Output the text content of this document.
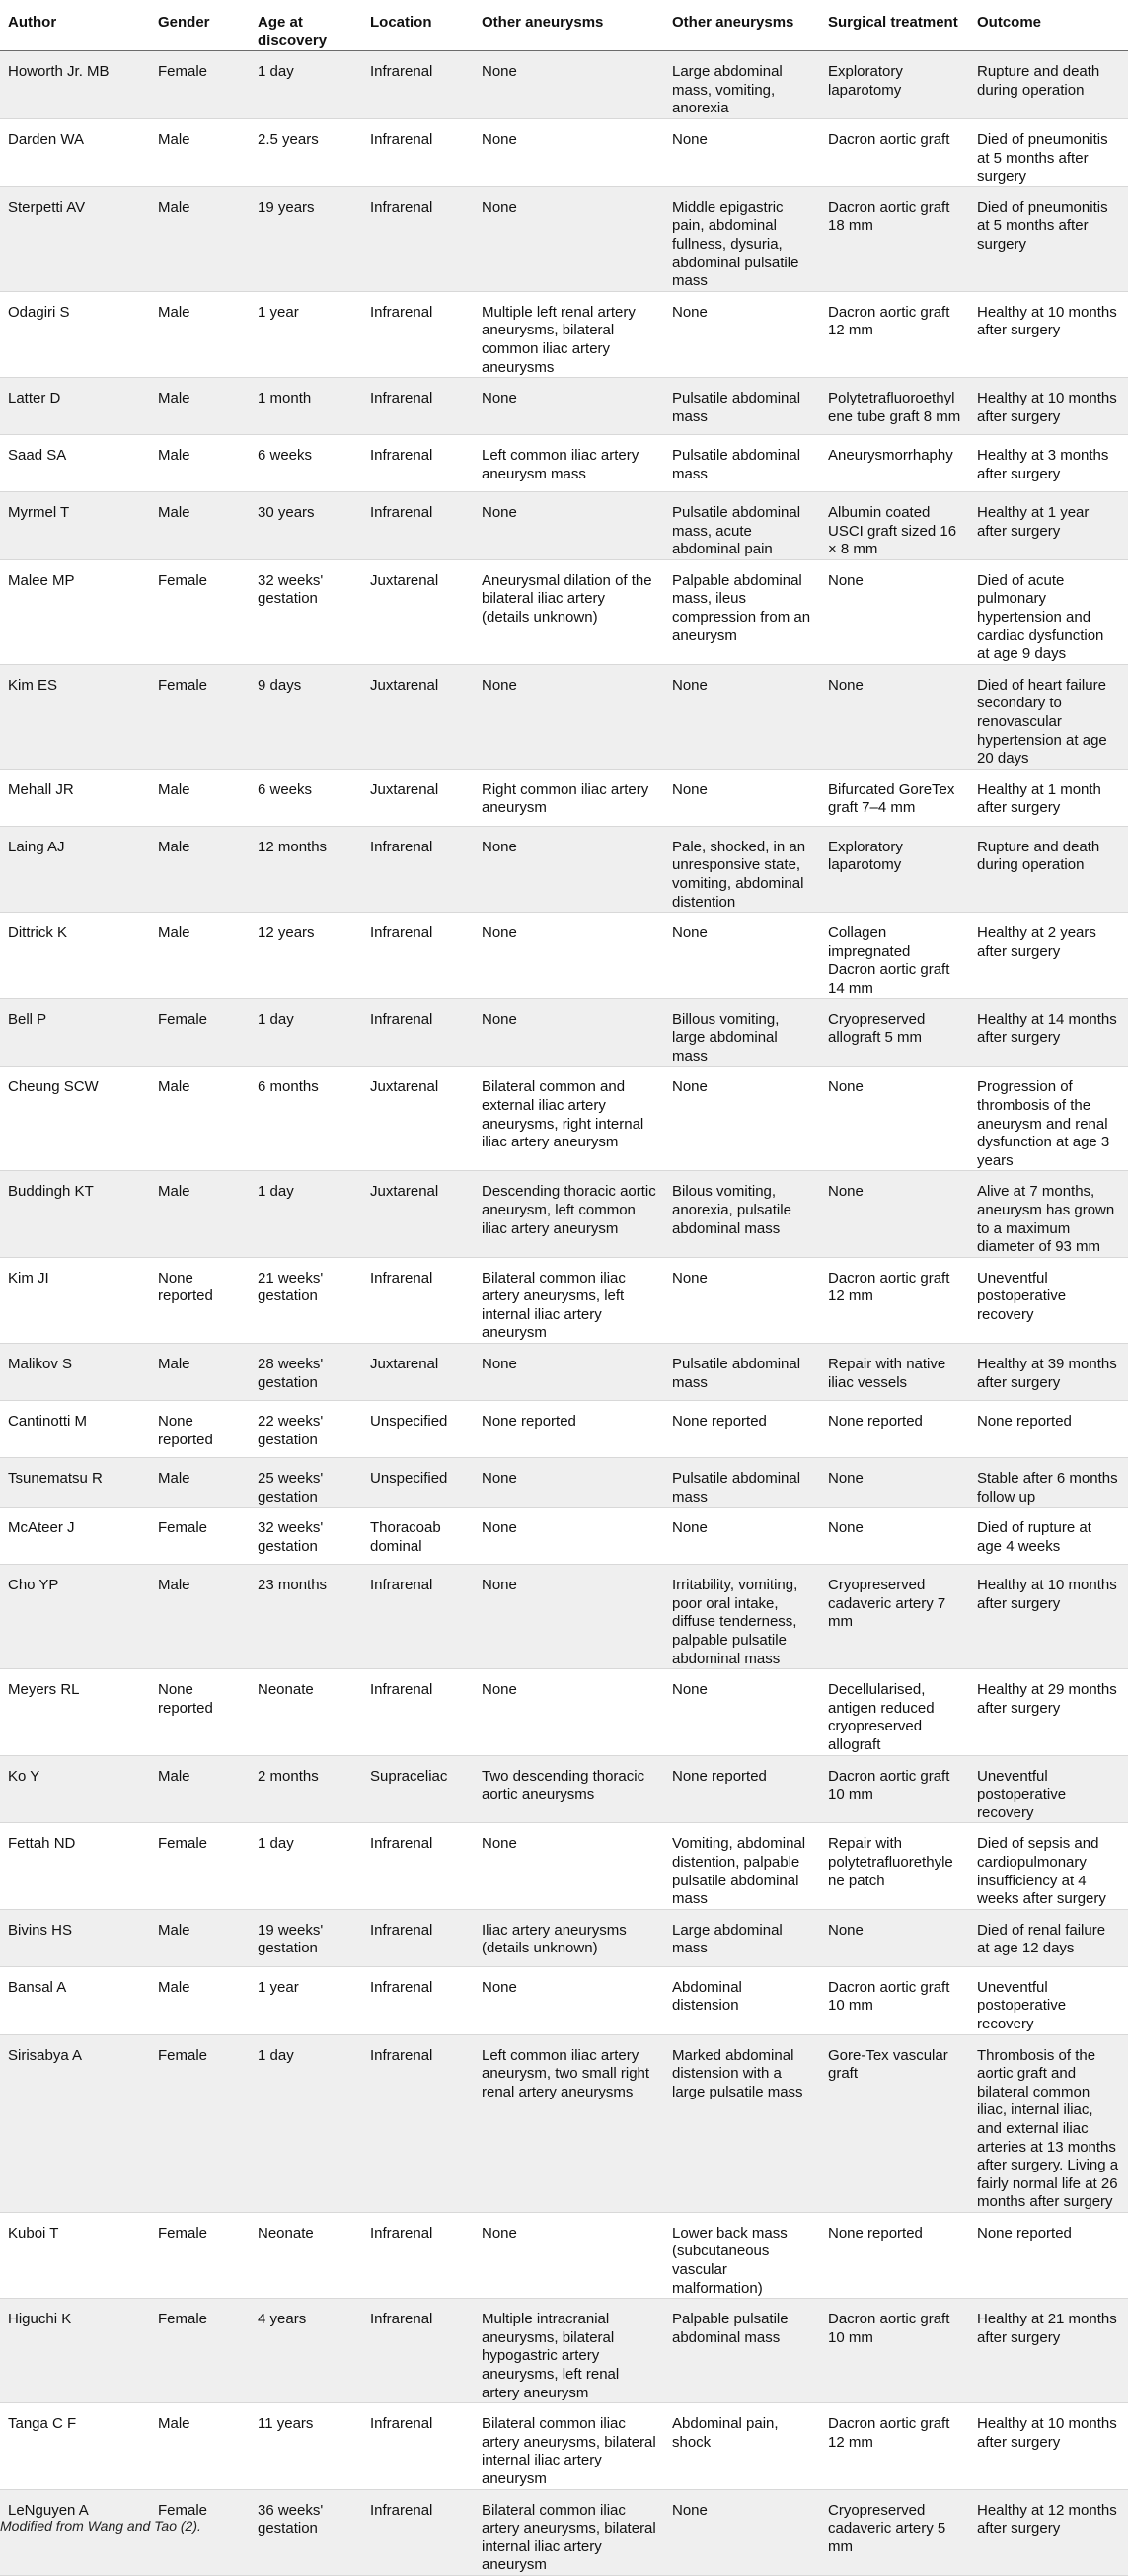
Author	Gender	Age at discovery	Location	Other aneurysms	Other aneurysms	Surgical treatment	Outcome
Howorth Jr. MB	Female	1 day	Infrarenal	None	Large abdominal mass, vomiting, anorexia	Exploratory laparotomy	Rupture and death during operation
Darden WA	Male	2.5 years	Infrarenal	None	None	Dacron aortic graft	Died of pneumonitis at 5 months after surgery
Sterpetti AV	Male	19 years	Infrarenal	None	Middle epigastric pain, abdominal fullness, dysuria, abdominal pulsatile mass	Dacron aortic graft 18 mm	Died of pneumonitis at 5 months after surgery
Odagiri S	Male	1 year	Infrarenal	Multiple left renal artery aneurysms, bilateral common iliac artery aneurysms	None	Dacron aortic graft 12 mm	Healthy at 10 months after surgery
Latter D	Male	1 month	Infrarenal	None	Pulsatile abdominal mass	Polytetrafluoroethylene tube graft 8 mm	Healthy at 10 months after surgery
Saad SA	Male	6 weeks	Infrarenal	Left common iliac artery aneurysm mass	Pulsatile abdominal mass	Aneurysmorrhaphy	Healthy at 3 months after surgery
Myrmel T	Male	30 years	Infrarenal	None	Pulsatile abdominal mass, acute abdominal pain	Albumin coated USCI graft sized 16 × 8 mm	Healthy at 1 year after surgery
Malee MP	Female	32 weeks' gestation	Juxtarenal	Aneurysmal dilation of the bilateral iliac artery (details unknown)	Palpable abdominal mass, ileus compression from an aneurysm	None	Died of acute pulmonary hypertension and cardiac dysfunction at age 9 days
Kim ES	Female	9 days	Juxtarenal	None	None	None	Died of heart failure secondary to renovascular hypertension at age 20 days
Mehall JR	Male	6 weeks	Juxtarenal	Right common iliac artery aneurysm	None	Bifurcated GoreTex graft 7–4 mm	Healthy at 1 month after surgery
Laing AJ	Male	12 months	Infrarenal	None	Pale, shocked, in an unresponsive state, vomiting, abdominal distention	Exploratory laparotomy	Rupture and death during operation
Dittrick K	Male	12 years	Infrarenal	None	None	Collagen impregnated Dacron aortic graft 14 mm	Healthy at 2 years after surgery
Bell P	Female	1 day	Infrarenal	None	Billous vomiting, large abdominal mass	Cryopreserved allograft 5 mm	Healthy at 14 months after surgery
Cheung SCW	Male	6 months	Juxtarenal	Bilateral common and external iliac artery aneurysms, right internal iliac artery aneurysm	None	None	Progression of thrombosis of the aneurysm and renal dysfunction at age 3 years
Buddingh KT	Male	1 day	Juxtarenal	Descending thoracic aortic aneurysm, left common iliac artery aneurysm	Bilous vomiting, anorexia, pulsatile abdominal mass	None	Alive at 7 months, aneurysm has grown to a maximum diameter of 93 mm
Kim JI	None reported	21 weeks' gestation	Infrarenal	Bilateral common iliac artery aneurysms, left internal iliac artery aneurysm	None	Dacron aortic graft 12 mm	Uneventful postoperative recovery
Malikov S	Male	28 weeks' gestation	Juxtarenal	None	Pulsatile abdominal mass	Repair with native iliac vessels	Healthy at 39 months after surgery
Cantinotti M	None reported	22 weeks' gestation	Unspecified	None reported	None reported	None reported	None reported
Tsunematsu R	Male	25 weeks' gestation	Unspecified	None	Pulsatile abdominal mass	None	Stable after 6 months follow up
McAteer J	Female	32 weeks' gestation	Thoracoab dominal	None	None	None	Died of rupture at age 4 weeks
Cho YP	Male	23 months	Infrarenal	None	Irritability, vomiting, poor oral intake, diffuse tenderness, palpable pulsatile abdominal mass	Cryopreserved cadaveric artery 7 mm	Healthy at 10 months after surgery
Meyers RL	None reported	Neonate	Infrarenal	None	None	Decellularised, antigen reduced cryopreserved allograft	Healthy at 29 months after surgery
Ko Y	Male	2 months	Supraceliac	Two descending thoracic aortic aneurysms	None reported	Dacron aortic graft 10 mm	Uneventful postoperative recovery
Fettah ND	Female	1 day	Infrarenal	None	Vomiting, abdominal distention, palpable pulsatile abdominal mass	Repair with polytetrafluorethylene patch	Died of sepsis and cardiopulmonary insufficiency at 4 weeks after surgery
Bivins HS	Male	19 weeks' gestation	Infrarenal	Iliac artery aneurysms (details unknown)	Large abdominal mass	None	Died of renal failure at age 12 days
Bansal A	Male	1 year	Infrarenal	None	Abdominal distension	Dacron aortic graft 10 mm	Uneventful postoperative recovery
Sirisabya A	Female	1 day	Infrarenal	Left common iliac artery aneurysm, two small right renal artery aneurysms	Marked abdominal distension with a large pulsatile mass	Gore-Tex vascular graft	Thrombosis of the aortic graft and bilateral common iliac, internal iliac, and external iliac arteries at 13 months after surgery. Living a fairly normal life at 26 months after surgery
Kuboi T	Female	Neonate	Infrarenal	None	Lower back mass (subcutaneous vascular malformation)	None reported	None reported
Higuchi K	Female	4 years	Infrarenal	Multiple intracranial aneurysms, bilateral hypogastric artery aneurysms, left renal artery aneurysm	Palpable pulsatile abdominal mass	Dacron aortic graft 10 mm	Healthy at 21 months after surgery
Tanga C F	Male	11 years	Infrarenal	Bilateral common iliac artery aneurysms, bilateral internal iliac artery aneurysm	Abdominal pain, shock	Dacron aortic graft 12 mm	Healthy at 10 months after surgery
LeNguyen A	Female	36 weeks' gestation	Infrarenal	Bilateral common iliac artery aneurysms, bilateral internal iliac artery aneurysm	None	Cryopreserved cadaveric artery 5 mm	Healthy at 12 months after surgery
Modified from Wang and Tao (2).
